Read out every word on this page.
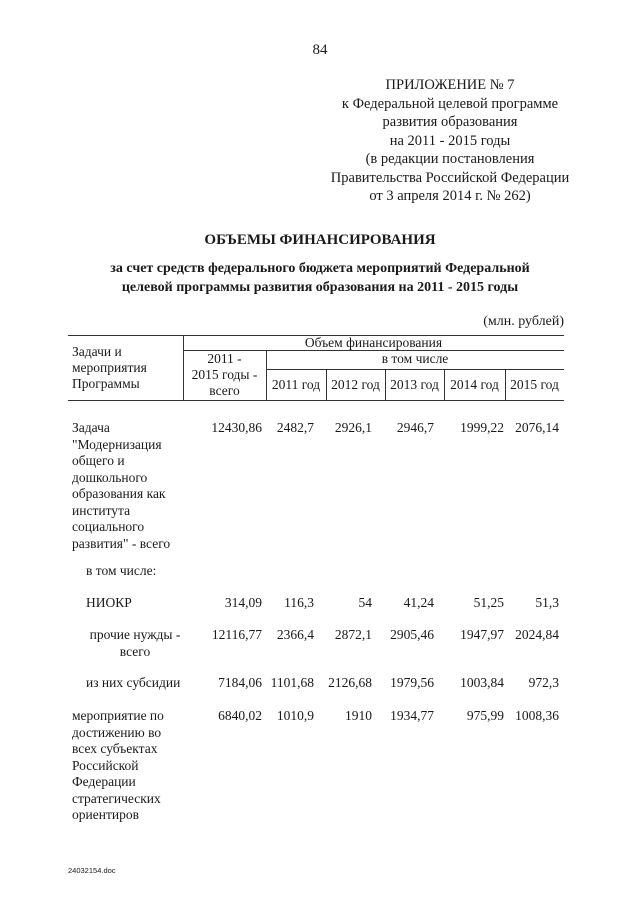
84
ПРИЛОЖЕНИЕ № 7
к Федеральной целевой программе
развития образования
на 2011 - 2015 годы
(в редакции постановления
Правительства Российской Федерации
от 3 апреля 2014 г. № 262)
ОБЪЕМЫ ФИНАНСИРОВАНИЯ
за счет средств федерального бюджета мероприятий Федеральной
целевой программы развития образования на 2011 - 2015 годы
(млн. рублей)
Задачи и
мероприятия
Программы
Объем финансирования
2011 -
2015 годы -
всего
в том числе
2011 год 2012 год 2013 год 2014 год 2015 год
Задача
"Модернизация
общего и
дошкольного
образования как
института
социального
развития" - всего
12430,86 2482,7 2926,1 2946,7 1999,22 2076,14
в том числе:
НИОКР	314,09 116,3	54 41,24	51,25 51,3
прочие нужды -
всего
12116,77 2366,4 2872,1 2905,46 1947,97 2024,84
из них субсидии	7184,06 1101,68 2126,68 1979,56 1003,84 972,3
мероприятие по
достижению во
всех субъектах
Российской
Федерации
стратегических
ориентиров
6840,02 1010,9 1910 1934,77 975,99 1008,36
24032154.doc
